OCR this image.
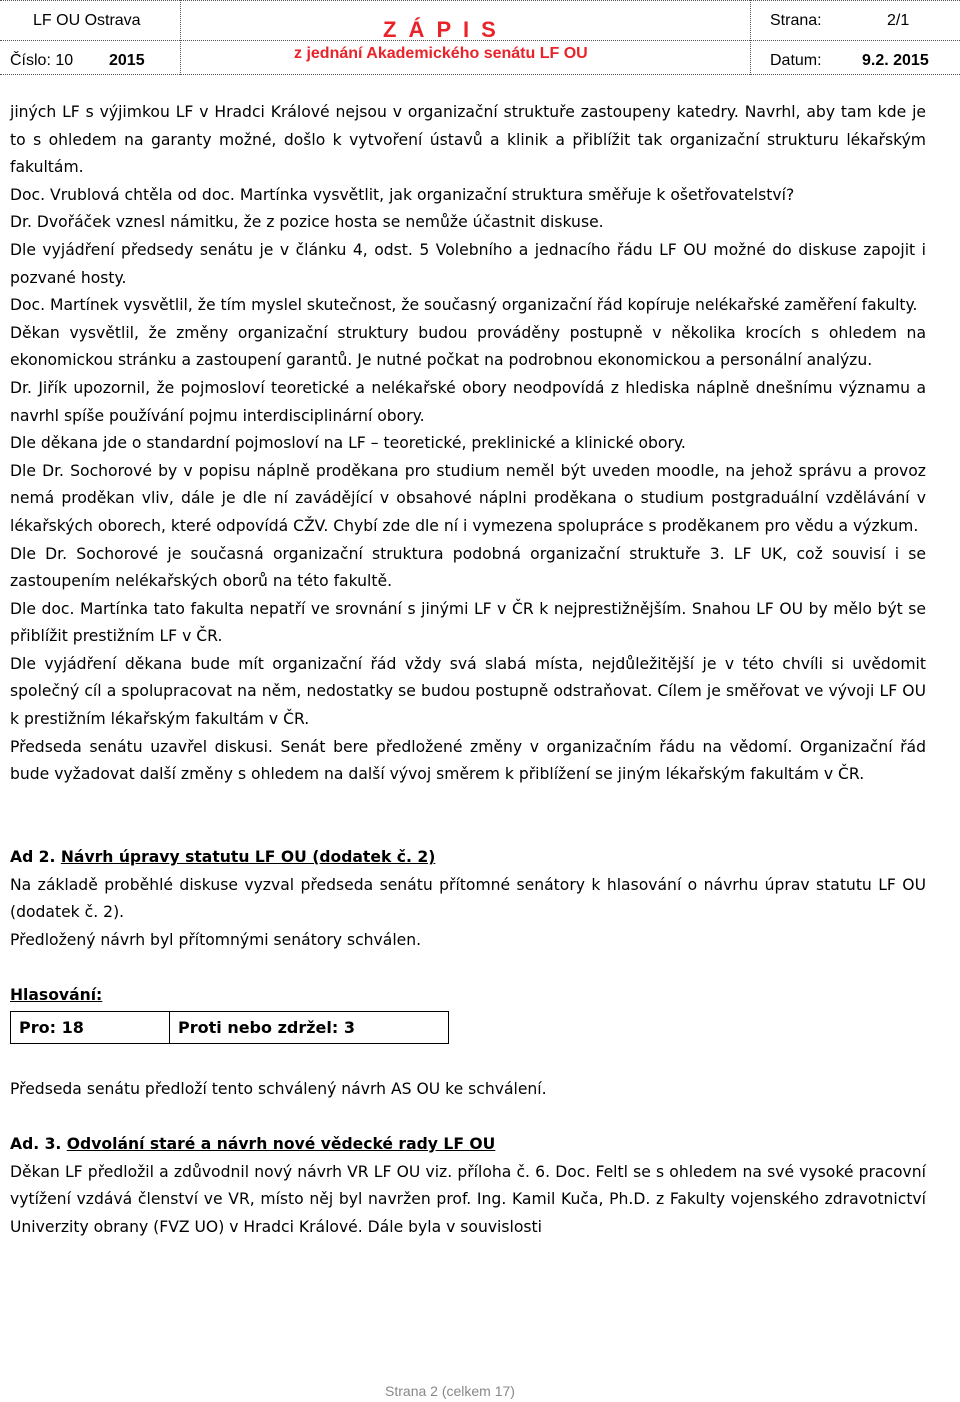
LF OU Ostrava	Z Á P I S	Strana:	2/1
Číslo: 10 2015	z jednání Akademického senátu LF OU	Datum:	9.2. 2015

jiných LF s výjimkou LF v Hradci Králové nejsou v organizační struktuře zastoupeny katedry. Navrhl, aby tam kde je to s ohledem na garanty možné, došlo k vytvoření ústavů a klinik a přiblížit tak organizační strukturu lékařským fakultám.

Doc. Vrublová chtěla od doc. Martínka vysvětlit, jak organizační struktura směřuje k ošetřovatelství?

Dr. Dvořáček vznesl námitku, že z pozice hosta se nemůže účastnit diskuse.

Dle vyjádření předsedy senátu je v článku 4, odst. 5 Volebního a jednacího řádu LF OU možné do diskuse zapojit i pozvané hosty.

Doc. Martínek vysvětlil, že tím myslel skutečnost, že současný organizační řád kopíruje nelékařské zaměření fakulty.

Děkan vysvětlil, že změny organizační struktury budou prováděny postupně v několika krocích s ohledem na ekonomickou stránku a zastoupení garantů. Je nutné počkat na podrobnou ekonomickou a personální analýzu.

Dr. Jiřík upozornil, že pojmosloví teoretické a nelékařské obory neodpovídá z hlediska náplně dnešnímu významu a navrhl spíše používání pojmu interdisciplinární obory.

Dle děkana jde o standardní pojmosloví na LF – teoretické, preklinické a klinické obory.

Dle Dr. Sochorové by v popisu náplně proděkana pro studium neměl být uveden moodle, na jehož správu a provoz nemá proděkan vliv, dále je dle ní zavádějící v obsahové náplni proděkana o studium postgraduální vzdělávání v lékařských oborech, které odpovídá CŽV. Chybí zde dle ní i vymezena spolupráce s proděkanem pro vědu a výzkum.

Dle Dr. Sochorové je současná organizační struktura podobná organizační struktuře 3. LF UK, což souvisí i se zastoupením nelékařských oborů na této fakultě.

Dle doc. Martínka tato fakulta nepatří ve srovnání s jinými LF v ČR k nejprestižnějším. Snahou LF OU by mělo být se přiblížit prestižním LF v ČR.

Dle vyjádření děkana bude mít organizační řád vždy svá slabá místa, nejdůležitější je v této chvíli si uvědomit společný cíl a spolupracovat na něm, nedostatky se budou postupně odstraňovat. Cílem je směřovat ve vývoji LF OU k prestižním lékařským fakultám v ČR.

Předseda senátu uzavřel diskusi. Senát bere předložené změny v organizačním řádu na vědomí. Organizační řád bude vyžadovat další změny s ohledem na další vývoj směrem k přiblížení se jiným lékařským fakultám v ČR.

Ad 2. Návrh úpravy statutu LF OU (dodatek č. 2)

Na základě proběhlé diskuse vyzval předseda senátu přítomné senátory k hlasování o návrhu úprav statutu LF OU (dodatek č. 2).

Předložený návrh byl přítomnými senátory schválen.

Hlasování:

Pro: 18	Proti nebo zdržel: 3

Předseda senátu předloží tento schválený návrh AS OU ke schválení.

Ad. 3. Odvolání staré a návrh nové vědecké rady LF OU

Děkan LF předložil a zdůvodnil nový návrh VR LF OU viz. příloha č. 6. Doc. Feltl se s ohledem na své vysoké pracovní vytížení vzdává členství ve VR, místo něj byl navržen prof. Ing. Kamil Kuča, Ph.D. z Fakulty vojenského zdravotnictví Univerzity obrany (FVZ UO) v Hradci Králové. Dále byla v souvislosti

Strana 2 (celkem 17)
